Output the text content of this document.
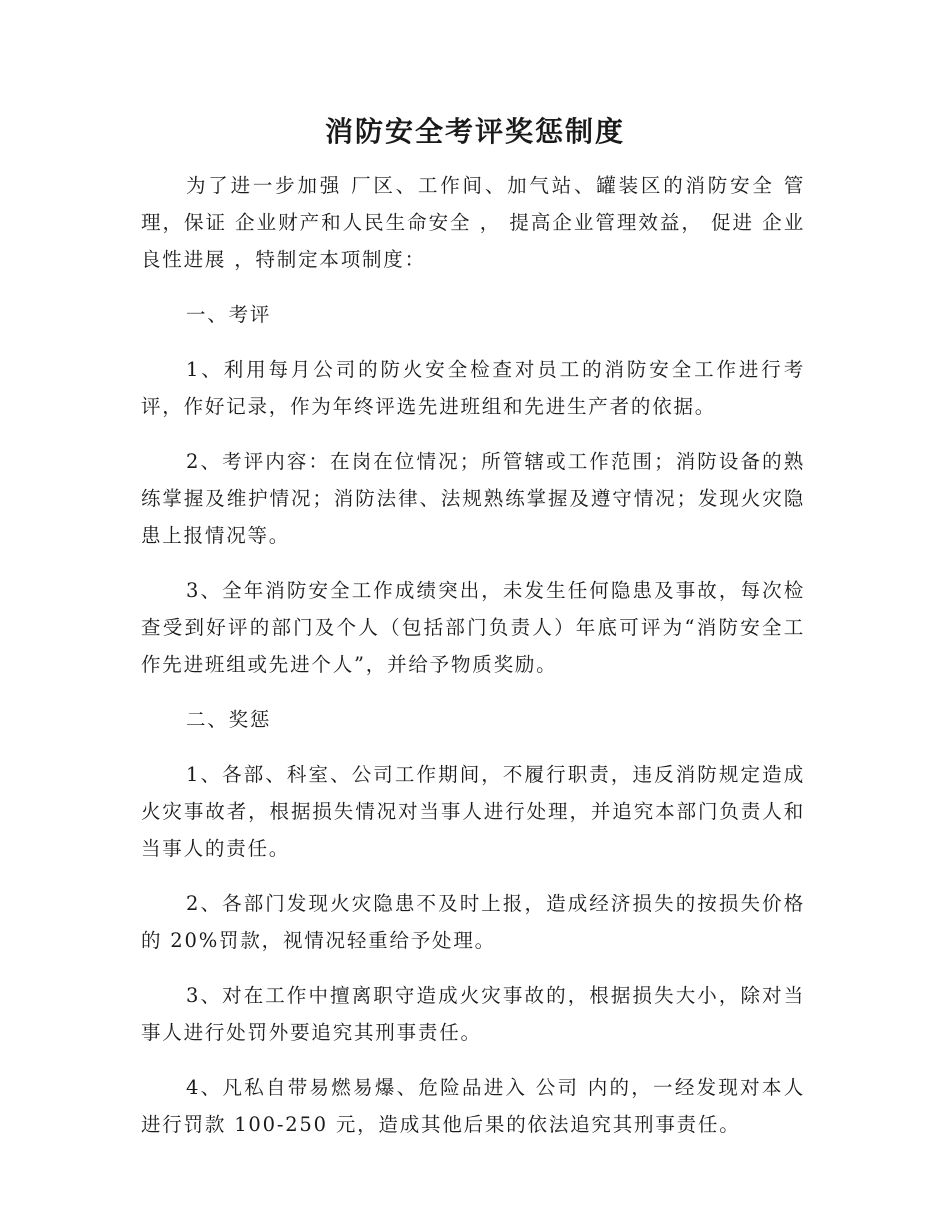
消防安全考评奖惩制度

为了进一步加强 厂区、工作间、加气站、罐装区的消防安全 管理，保证 企业财产和人民生命安全 ， 提高企业管理效益， 促进 企业良性进展 ，特制定本项制度：

一、考评

1、利用每月公司的防火安全检查对员工的消防安全工作进行考评，作好记录，作为年终评选先进班组和先进生产者的依据。

2、考评内容：在岗在位情况；所管辖或工作范围；消防设备的熟练掌握及维护情况；消防法律、法规熟练掌握及遵守情况；发现火灾隐患上报情况等。

3、全年消防安全工作成绩突出，未发生任何隐患及事故，每次检查受到好评的部门及个人（包括部门负责人）年底可评为“消防安全工作先进班组或先进个人”，并给予物质奖励。

二、奖惩

1、各部、科室、公司工作期间，不履行职责，违反消防规定造成火灾事故者，根据损失情况对当事人进行处理，并追究本部门负责人和当事人的责任。

2、各部门发现火灾隐患不及时上报，造成经济损失的按损失价格的 20%罚款，视情况轻重给予处理。

3、对在工作中擅离职守造成火灾事故的，根据损失大小，除对当事人进行处罚外要追究其刑事责任。

4、凡私自带易燃易爆、危险品进入 公司 内的，一经发现对本人进行罚款 100-250 元，造成其他后果的依法追究其刑事责任。
